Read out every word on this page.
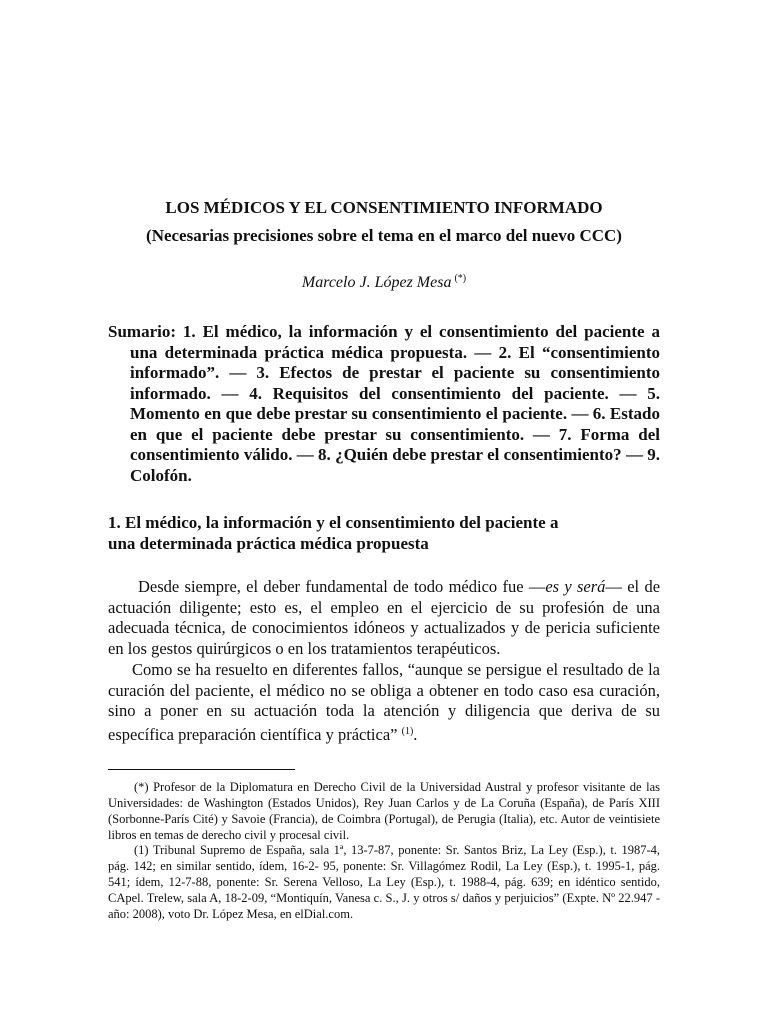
LOS MÉDICOS Y EL CONSENTIMIENTO INFORMADO
(Necesarias precisiones sobre el tema en el marco del nuevo CCC)
Marcelo J. López Mesa (*)
Sumario: 1. El médico, la información y el consentimiento del paciente a una determinada práctica médica propuesta. — 2. El “consentimiento informado”. — 3. Efectos de prestar el paciente su consentimiento informado. — 4. Requisitos del consentimiento del paciente. — 5. Momento en que debe prestar su consentimiento el paciente. — 6. Estado en que el paciente debe prestar su consentimiento. — 7. Forma del consentimiento válido. — 8. ¿Quién debe prestar el consentimiento? — 9. Colofón.
1. El médico, la información y el consentimiento del paciente a
una determinada práctica médica propuesta

Desde siempre, el deber fundamental de todo médico fue —es y será— el de actuación diligente; esto es, el empleo en el ejercicio de su profesión de una adecuada técnica, de conocimientos idóneos y actualizados y de pericia suficiente en los gestos quirúrgicos o en los tratamientos terapéuticos.

Como se ha resuelto en diferentes fallos, “aunque se persigue el resultado de la curación del paciente, el médico no se obliga a obtener en todo caso esa curación, sino a poner en su actuación toda la atención y diligencia que deriva de su específica preparación científica y práctica” $^{(1)}$.

(*) Profesor de la Diplomatura en Derecho Civil de la Universidad Austral y profesor visitante de las Universidades: de Washington (Estados Unidos), Rey Juan Carlos y de La Coruña (España), de París XIII (Sorbonne-París Cité) y Savoie (Francia), de Coimbra (Portugal), de Perugia (Italia), etc. Autor de veintisiete libros en temas de derecho civil y procesal civil.

(1) Tribunal Supremo de España, sala 1ª, 13-7-87, ponente: Sr. Santos Briz, La Ley (Esp.), t. 1987-4, pág. 142; en similar sentido, ídem, 16-2- 95, ponente: Sr. Villagómez Rodil, La Ley (Esp.), t. 1995-1, pág. 541; ídem, 12-7-88, ponente: Sr. Serena Velloso, La Ley (Esp.), t. 1988-4, pág. 639; en idéntico sentido, CApel. Trelew, sala A, 18-2-09, “Montiquín, Vanesa c. S., J. y otros s/ daños y perjuicios” (Expte. Nº 22.947 - año: 2008), voto Dr. López Mesa, en elDial.com.
